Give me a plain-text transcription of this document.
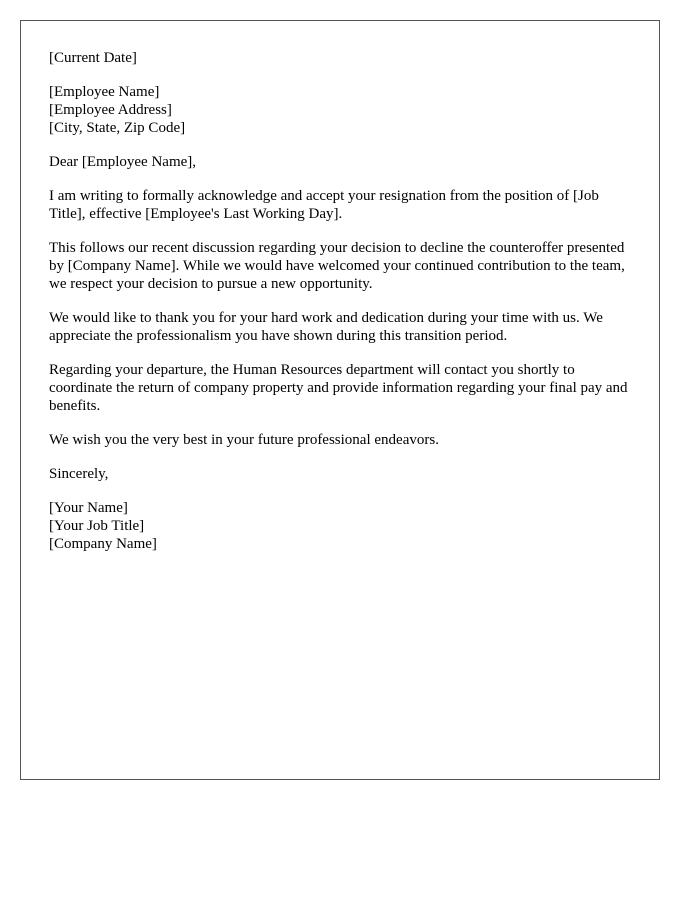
[Current Date]
[Employee Name]
[Employee Address]
[City, State, Zip Code]

Dear [Employee Name],

I am writing to formally acknowledge and accept your resignation from the position of [Job Title], effective [Employee's Last Working Day].

This follows our recent discussion regarding your decision to decline the counteroffer presented by [Company Name]. While we would have welcomed your continued contribution to the team, we respect your decision to pursue a new opportunity.

We would like to thank you for your hard work and dedication during your time with us. We appreciate the professionalism you have shown during this transition period.

Regarding your departure, the Human Resources department will contact you shortly to coordinate the return of company property and provide information regarding your final pay and benefits.

We wish you the very best in your future professional endeavors.

Sincerely,

[Your Name]
[Your Job Title]
[Company Name]
